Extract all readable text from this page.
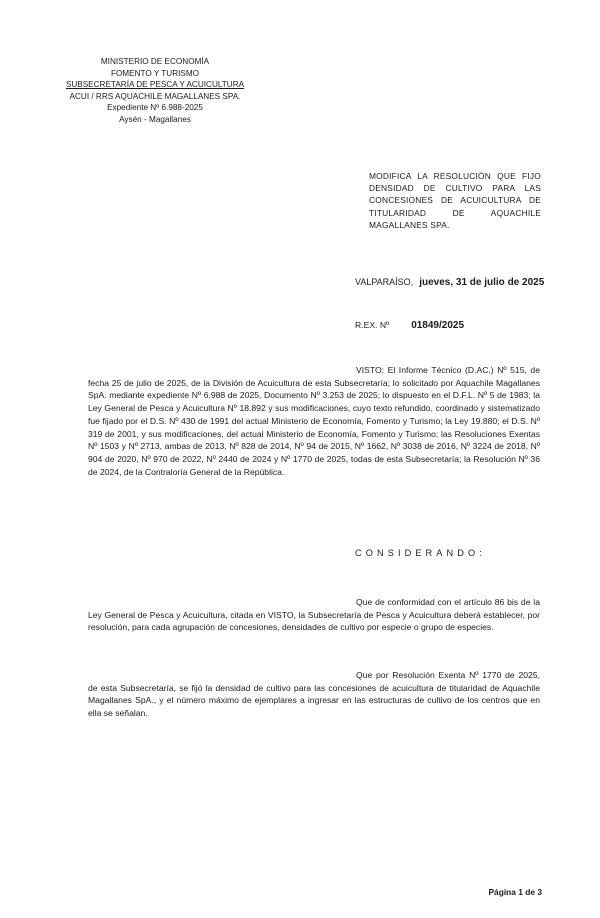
MINISTERIO DE ECONOMÍA
FOMENTO Y TURISMO
SUBSECRETARÍA DE PESCA Y ACUICULTURA
ACUI / RRS AQUACHILE MAGALLANES SPA.
Expediente Nº 6.988-2025
Aysén - Magallanes
MODIFICA LA RESOLUCIÓN QUE FIJO DENSIDAD DE CULTIVO PARA LAS CONCESIONES DE ACUICULTURA DE TITULARIDAD DE AQUACHILE MAGALLANES SPA.
VALPARAÍSO, jueves, 31 de julio de 2025
R.EX. Nº 01849/2025
VISTO: El Informe Técnico (D.AC.) Nº 515, de fecha 25 de julio de 2025, de la División de Acuicultura de esta Subsecretaría; lo solicitado por Aquachile Magallanes SpA. mediante expediente Nº 6.988 de 2025, Documento Nº 3.253 de 2025; lo dispuesto en el D.F.L. Nº 5 de 1983; la Ley General de Pesca y Acuicultura Nº 18.892 y sus modificaciones, cuyo texto refundido, coordinado y sistematizado fue fijado por el D.S. Nº 430 de 1991 del actual Ministerio de Economía, Fomento y Turismo; la Ley 19.880; el D.S. Nº 319 de 2001, y sus modificaciones, del actual Ministerio de Economía, Fomento y Turismo; las Resoluciones Exentas Nº 1503 y Nº 2713, ambas de 2013, Nº 828 de 2014, Nº 94 de 2015, Nº 1662, Nº 3038 de 2016, Nº 3224 de 2018, Nº 904 de 2020, Nº 970 de 2022, Nº 2440 de 2024 y Nº 1770 de 2025, todas de esta Subsecretaría; la Resolución Nº 36 de 2024, de la Contraloría General de la República.
CONSIDERANDO:
Que de conformidad con el artículo 86 bis de la Ley General de Pesca y Acuicultura, citada en VISTO, la Subsecretaría de Pesca y Acuicultura deberá establecer, por resolución, para cada agrupación de concesiones, densidades de cultivo por especie o grupo de especies.
Que por Resolución Exenta Nº 1770 de 2025, de esta Subsecretaría, se fijó la densidad de cultivo para las concesiones de acuicultura de titularidad de Aquachile Magallanes SpA., y el número máximo de ejemplares a ingresar en las estructuras de cultivo de los centros que en ella se señalan.
Página 1 de 3
